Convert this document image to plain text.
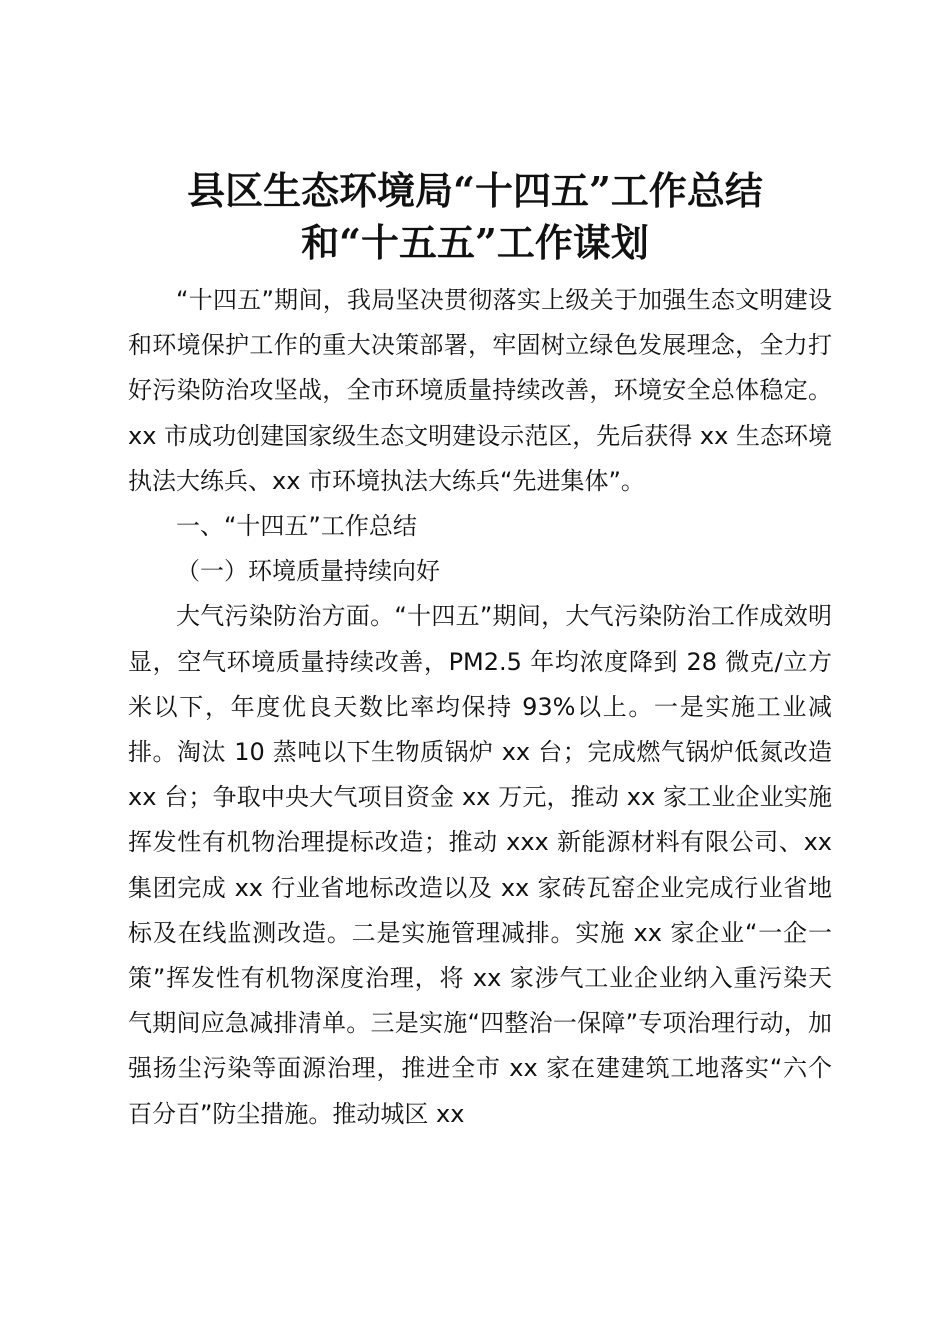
县区生态环境局“十四五”工作总结
和“十五五”工作谋划

“十四五”期间，我局坚决贯彻落实上级关于加强生态文明建设和环境保护工作的重大决策部署，牢固树立绿色发展理念，全力打好污染防治攻坚战，全市环境质量持续改善，环境安全总体稳定。xx 市成功创建国家级生态文明建设示范区，先后获得 xx 生态环境执法大练兵、xx 市环境执法大练兵“先进集体”。

一、“十四五”工作总结

（一）环境质量持续向好

大气污染防治方面。“十四五”期间，大气污染防治工作成效明显，空气环境质量持续改善，PM2.5 年均浓度降到 28 微克/立方米以下，年度优良天数比率均保持 93%以上。一是实施工业减排。淘汰 10 蒸吨以下生物质锅炉 xx 台；完成燃气锅炉低氮改造 xx 台；争取中央大气项目资金 xx 万元，推动 xx 家工业企业实施挥发性有机物治理提标改造；推动 xxx 新能源材料有限公司、xx 集团完成 xx 行业省地标改造以及 xx 家砖瓦窑企业完成行业省地标及在线监测改造。二是实施管理减排。实施 xx 家企业“一企一策”挥发性有机物深度治理，将 xx 家涉气工业企业纳入重污染天气期间应急减排清单。三是实施“四整治一保障”专项治理行动，加强扬尘污染等面源治理，推进全市 xx 家在建建筑工地落实“六个百分百”防尘措施。推动城区 xx
